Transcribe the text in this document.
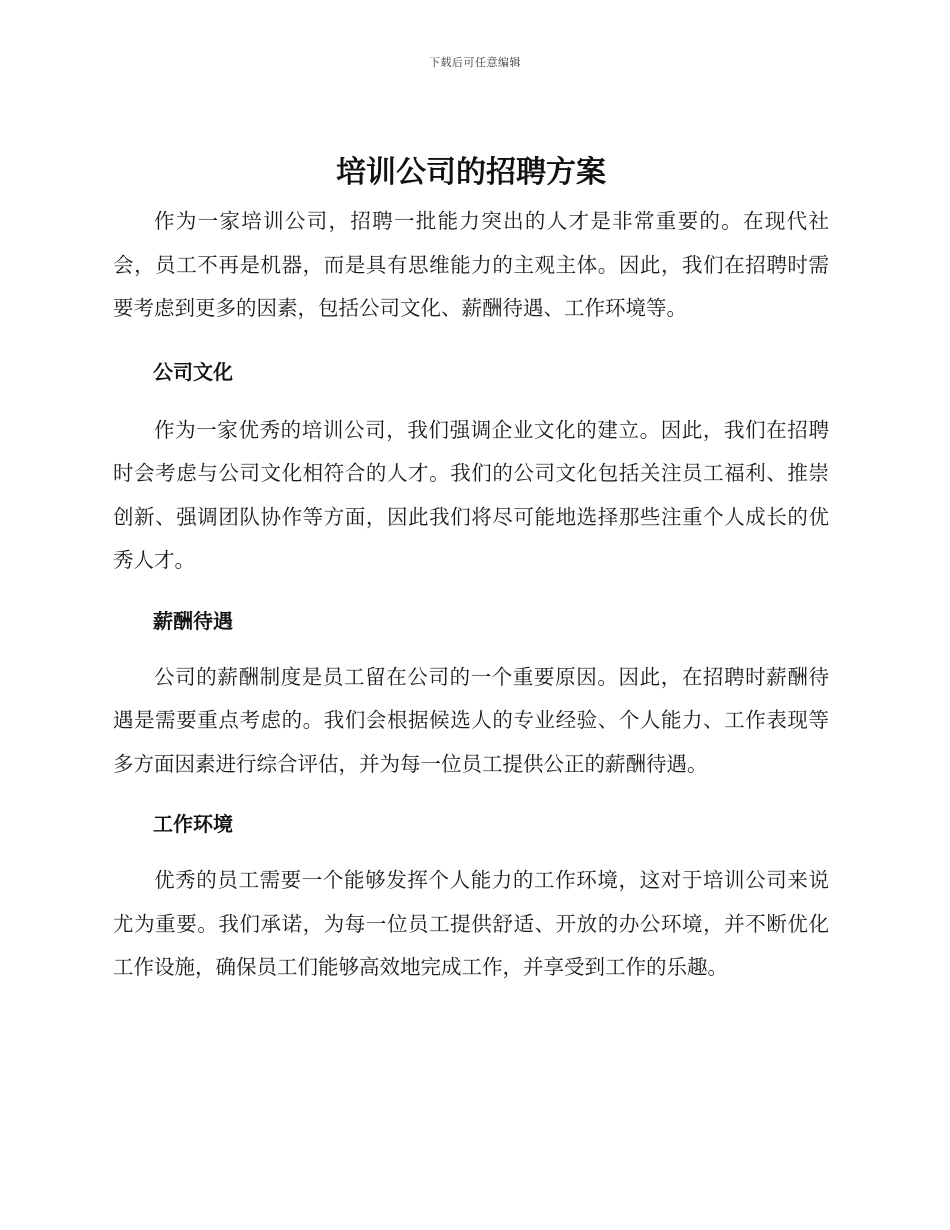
下载后可任意编辑
培训公司的招聘方案

作为一家培训公司，招聘一批能力突出的人才是非常重要的。在现代社会，员工不再是机器，而是具有思维能力的主观主体。因此，我们在招聘时需要考虑到更多的因素，包括公司文化、薪酬待遇、工作环境等。

公司文化

作为一家优秀的培训公司，我们强调企业文化的建立。因此，我们在招聘时会考虑与公司文化相符合的人才。我们的公司文化包括关注员工福利、推崇创新、强调团队协作等方面，因此我们将尽可能地选择那些注重个人成长的优秀人才。

薪酬待遇

公司的薪酬制度是员工留在公司的一个重要原因。因此，在招聘时薪酬待遇是需要重点考虑的。我们会根据候选人的专业经验、个人能力、工作表现等多方面因素进行综合评估，并为每一位员工提供公正的薪酬待遇。

工作环境

优秀的员工需要一个能够发挥个人能力的工作环境，这对于培训公司来说尤为重要。我们承诺，为每一位员工提供舒适、开放的办公环境，并不断优化工作设施，确保员工们能够高效地完成工作，并享受到工作的乐趣。
